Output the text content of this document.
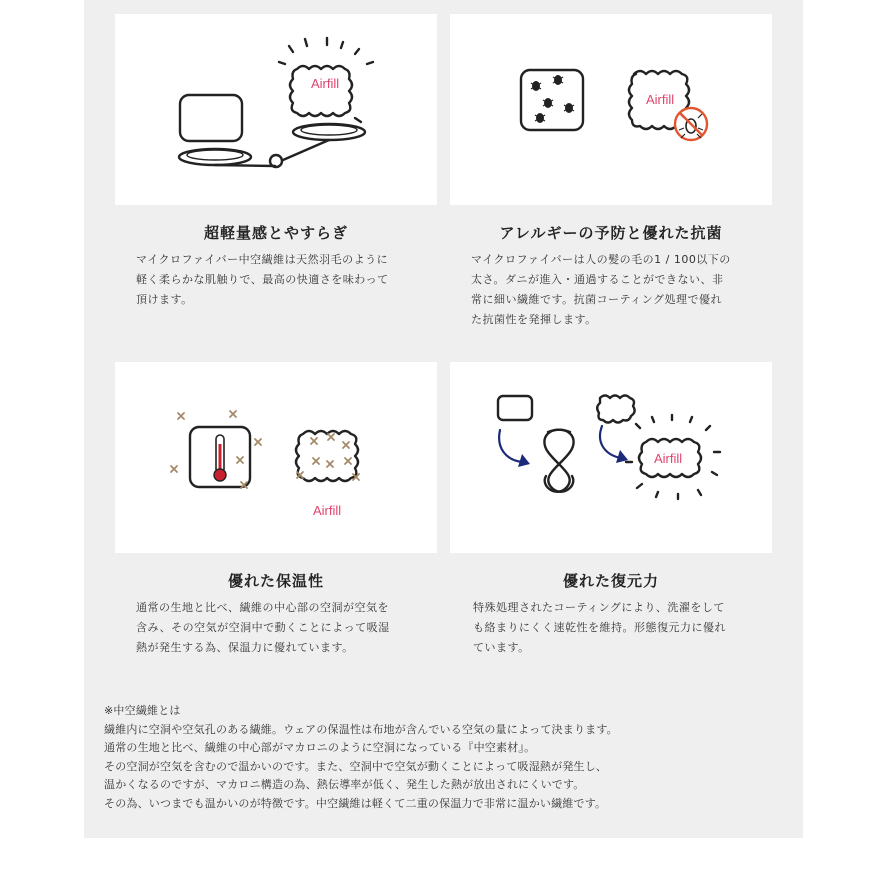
Airfill
超軽量感とやすらぎ
マイクロファイバー中空繊維は天然羽毛のように
軽く柔らかな肌触りで、最高の快適さを味わって
頂けます。
Airfill
アレルギーの予防と優れた抗菌
マイクロファイバーは人の髪の毛の1 / 100以下の
太さ。ダニが進入・通過することができない、非
常に細い繊維です。抗菌コーティング処理で優れ
た抗菌性を発揮します。
Airfill
優れた保温性
通常の生地と比べ、繊維の中心部の空洞が空気を
含み、その空気が空洞中で動くことによって吸湿
熱が発生する為、保温力に優れています。
Airfill
優れた復元力
特殊処理されたコーティングにより、洗濯をして
も絡まりにくく速乾性を維持。形態復元力に優れ
ています。
※中空繊維とは
繊維内に空洞や空気孔のある繊維。ウェアの保温性は布地が含んでいる空気の量によって決まります。
通常の生地と比べ、繊維の中心部がマカロニのように空洞になっている『中空素材』。
その空洞が空気を含むので温かいのです。また、空洞中で空気が動くことによって吸湿熱が発生し、
温かくなるのですが、マカロニ構造の為、熱伝導率が低く、発生した熱が放出されにくいです。
その為、いつまでも温かいのが特徴です。中空繊維は軽くて二重の保温力で非常に温かい繊維です。
